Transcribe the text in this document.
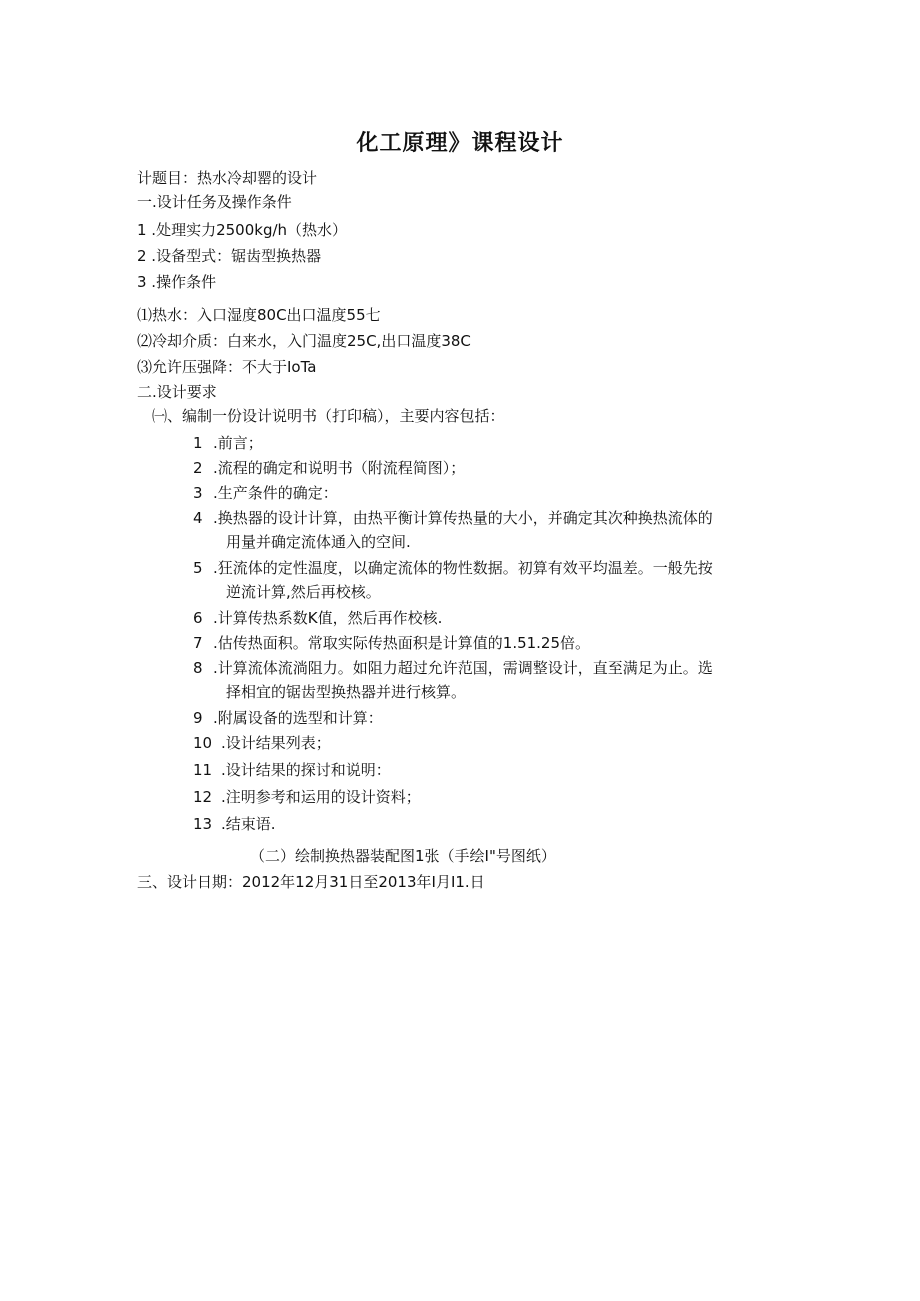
化工原理》课程设计
计题目：热水冷却罂的设计
一.设计任务及操作条件
1 .处理实力2500kg∕h（热水）
2 .设备型式：锯齿型换热器
3 .操作条件
⑴热水：入口湿度80C出口温度55七
⑵冷却介质：白来水，入门温度25C,出口温度38C
⑶允许压强降：不大于IoTa
二.设计要求
㈠、编制一份设计说明书（打印稿），主要内容包括：
1 .前言；
2 .流程的确定和说明书（附流程简图）；
3 .生产条件的确定：
4 .换热器的设计计算，由热平衡计算传热量的大小，并确定其次种换热流体的
用量并确定流体通入的空间.
5 .狂流体的定性温度，以确定流体的物性数据。初算有效平均温差。一般先按
逆流计算,然后再校核。
6 .计算传热系数K值，然后再作校核.
7 .估传热面积。常取实际传热面积是计算值的1.51.25倍。
8 .计算流体流淌阻力。如阻力超过允许范国，需调整设计，直至满足为止。选
择相宜的锯齿型换热器并进行核算。
9 .附属设备的选型和计算：
10 .设计结果列表；
11 .设计结果的探讨和说明：
12 .注明参考和运用的设计资料；
13 .结束语.
（二）绘制换热器装配图1张（手绘I"号图纸）
三、设计日期：2012年12月31日至2013年I月I1.日
